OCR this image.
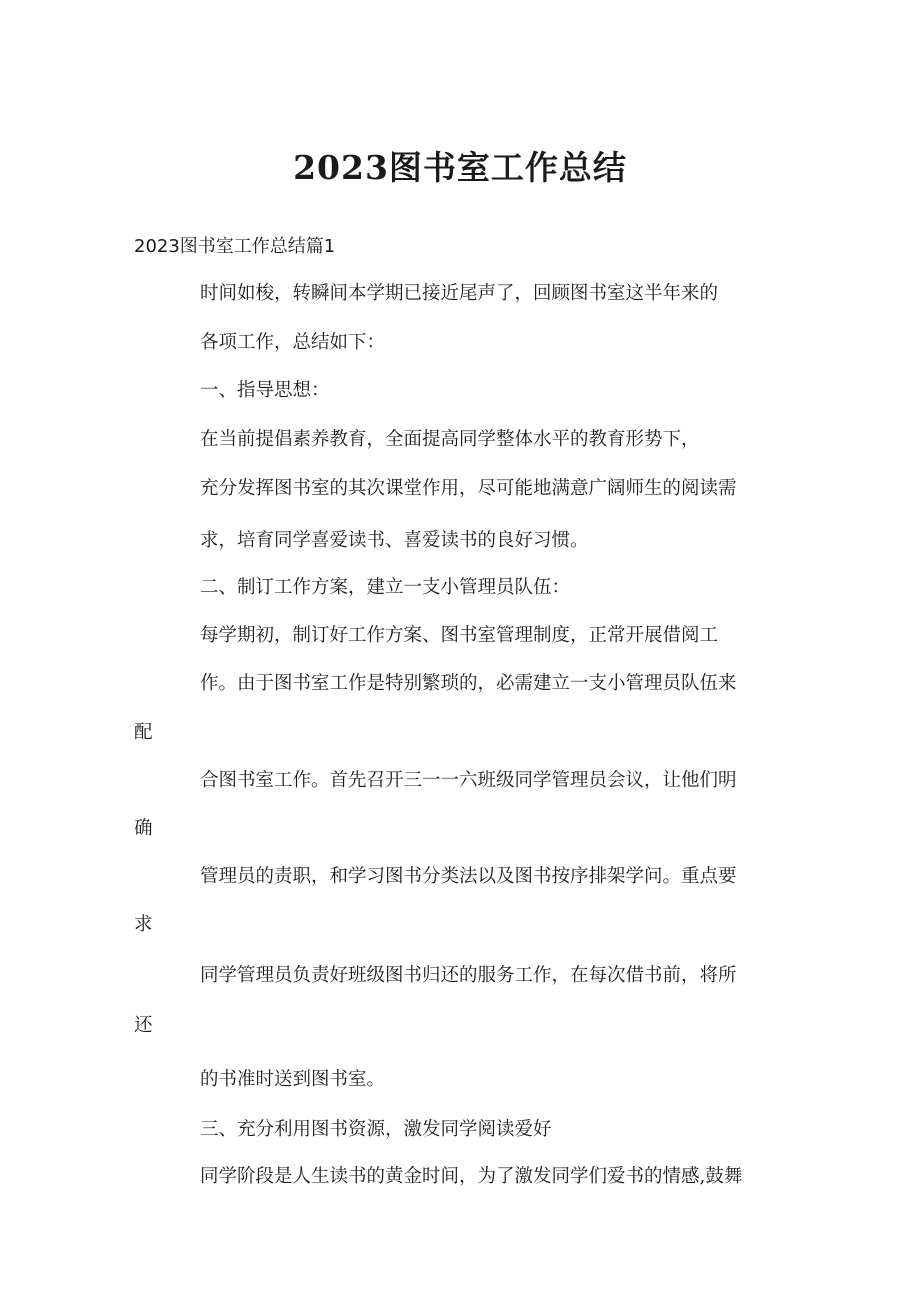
2023图书室工作总结

2023图书室工作总结篇1

时间如梭，转瞬间本学期已接近尾声了，回顾图书室这半年来的

各项工作，总结如下：

一、指导思想：

在当前提倡素养教育，全面提高同学整体水平的教育形势下，

充分发挥图书室的其次课堂作用，尽可能地满意广阔师生的阅读需

求，培育同学喜爱读书、喜爱读书的良好习惯。

二、制订工作方案，建立一支小管理员队伍：

每学期初，制订好工作方案、图书室管理制度，正常开展借阅工

作。由于图书室工作是特别繁琐的，必需建立一支小管理员队伍来

配

合图书室工作。首先召开三一一六班级同学管理员会议，让他们明

确

管理员的责职，和学习图书分类法以及图书按序排架学问。重点要

求

同学管理员负责好班级图书归还的服务工作，在每次借书前，将所

还

的书准时送到图书室。

三、充分利用图书资源，激发同学阅读爱好

同学阶段是人生读书的黄金时间，为了激发同学们爱书的情感,鼓舞
